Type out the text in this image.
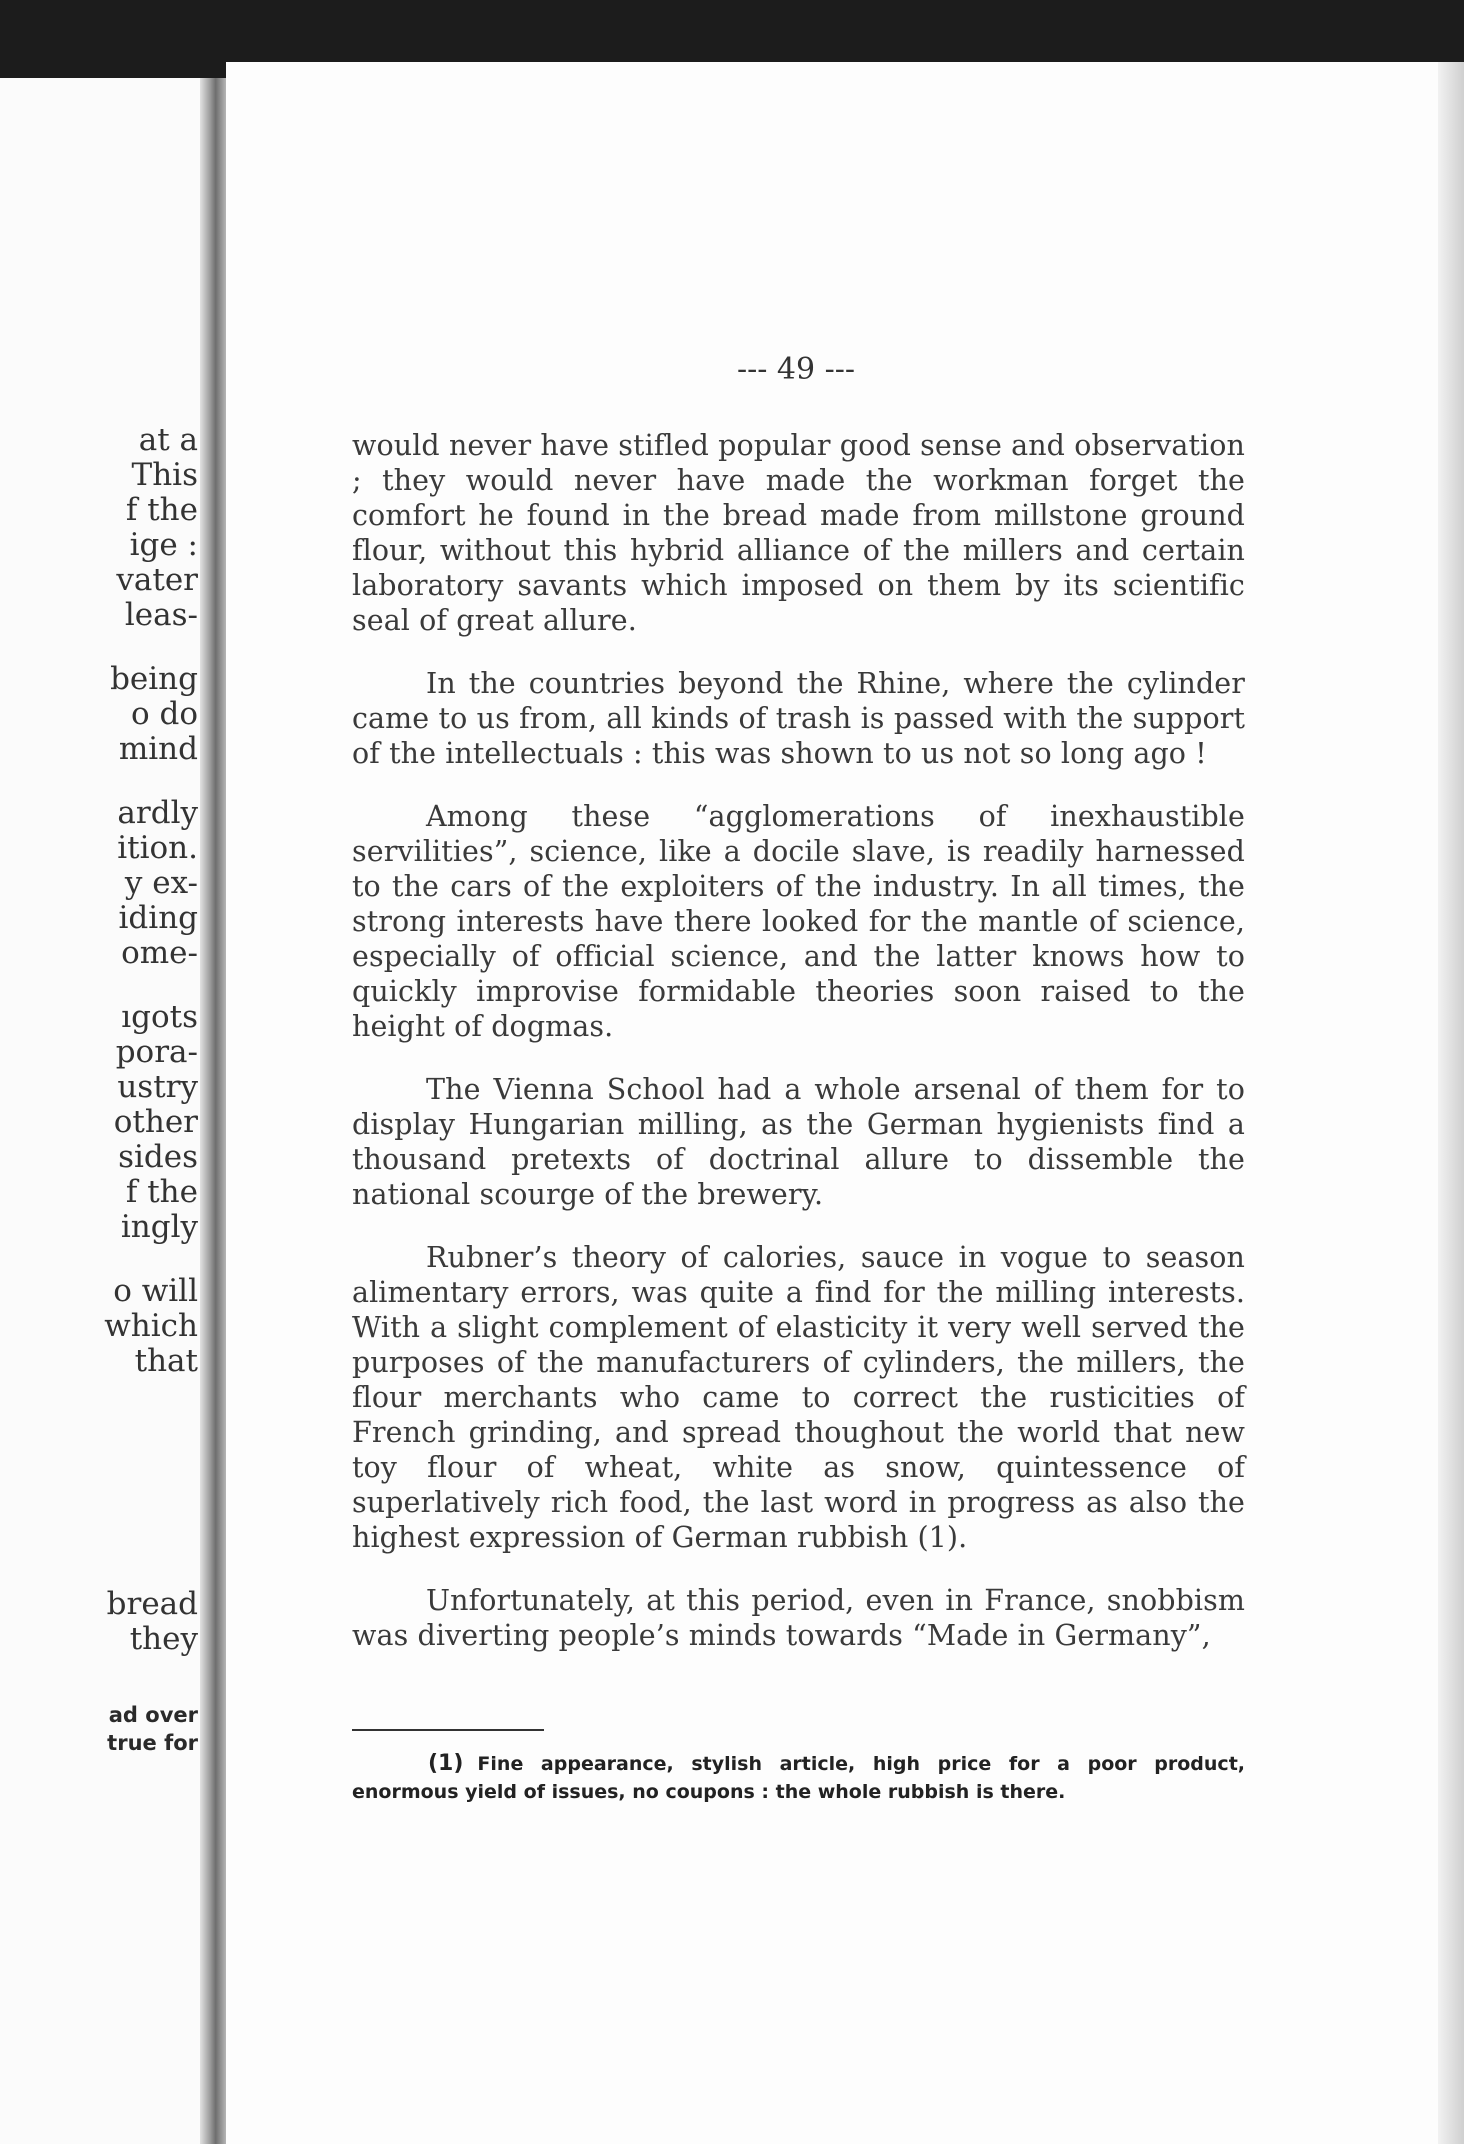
at a

This

f the

ige :

vater

leas-

being

o do

mind

ardly

ition.

y ex-

iding

ome-

ıgots

pora-

ustry

other

sides

f the

ingly

o will

which

that

bread

they

ad over

true for

--- 49 ---

would never have stifled popular good sense and observation ; they would never have made the workman forget the comfort he found in the bread made from millstone ground flour, without this hybrid alliance of the millers and certain laboratory savants which imposed on them by its scientific seal of great allure.

In the countries beyond the Rhine, where the cylinder came to us from, all kinds of trash is passed with the support of the intellectuals : this was shown to us not so long ago !

Among these “agglomerations of inexhaustible servilities”, science, like a docile slave, is readily harnessed to the cars of the exploiters of the industry. In all times, the strong interests have there looked for the mantle of science, especially of official science, and the latter knows how to quickly improvise formidable theories soon raised to the height of dogmas.

The Vienna School had a whole arsenal of them for to display Hungarian milling, as the German hygienists find a thousand pretexts of doctrinal allure to dissemble the national scourge of the brewery.

Rubner’s theory of calories, sauce in vogue to season alimentary errors, was quite a find for the milling interests. With a slight complement of elasticity it very well served the purposes of the manufacturers of cylinders, the millers, the flour merchants who came to correct the rusticities of French grinding, and spread thoughout the world that new toy flour of wheat, white as snow, quintessence of superlatively rich food, the last word in progress as also the highest expression of German rubbish (1).

Unfortunately, at this period, even in France, snobbism was diverting people’s minds towards “Made in Germany”,

(1) Fine appearance, stylish article, high price for a poor product, enormous yield of issues, no coupons : the whole rubbish is there.
